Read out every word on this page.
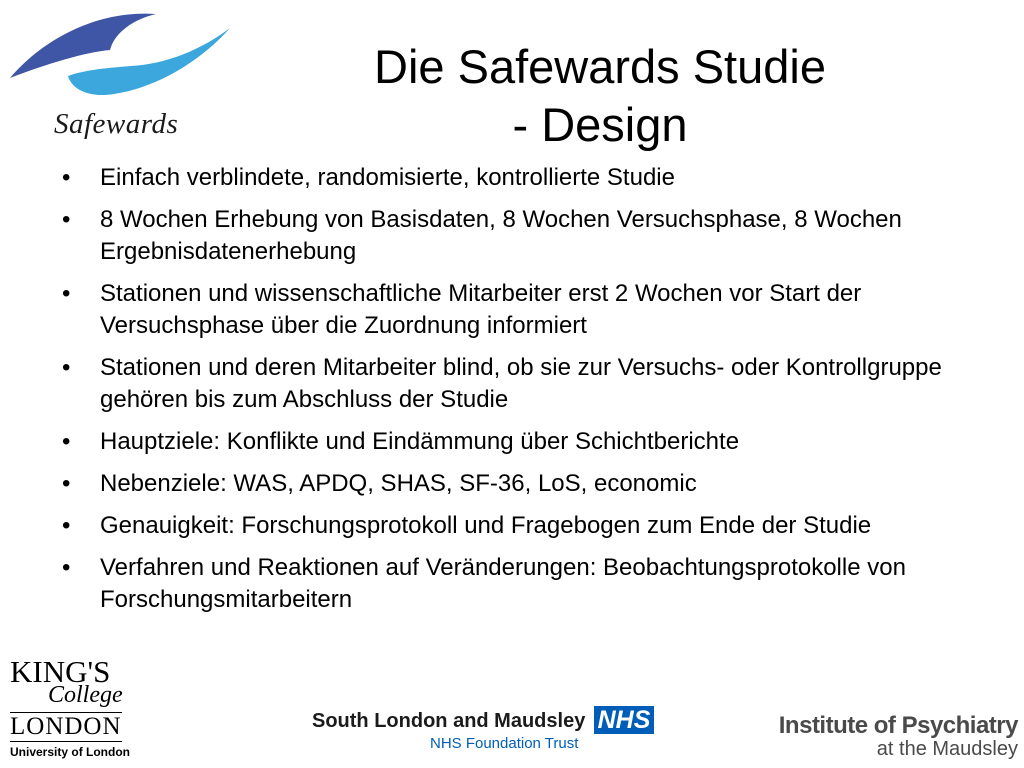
Safewards
Die Safewards Studie
- Design
•	Einfach verblindete, randomisierte, kontrollierte Studie
•	8 Wochen Erhebung von Basisdaten, 8 Wochen Versuchsphase, 8 Wochen Ergebnisdatenerhebung
•	Stationen und wissenschaftliche Mitarbeiter erst 2 Wochen vor Start der Versuchsphase über die Zuordnung informiert
•	Stationen und deren Mitarbeiter blind, ob sie zur Versuchs- oder Kontrollgruppe gehören bis zum Abschluss der Studie
•	Hauptziele: Konflikte und Eindämmung über Schichtberichte
•	Nebenziele: WAS, APDQ, SHAS, SF-36, LoS, economic
•	Genauigkeit: Forschungsprotokoll und Fragebogen zum Ende der Studie
•	Verfahren und Reaktionen auf Veränderungen: Beobachtungsprotokolle von Forschungsmitarbeitern
KING'S
College
LONDON
University of London
South London and Maudsley NHS
NHS Foundation Trust
Institute of Psychiatry
at the Maudsley
